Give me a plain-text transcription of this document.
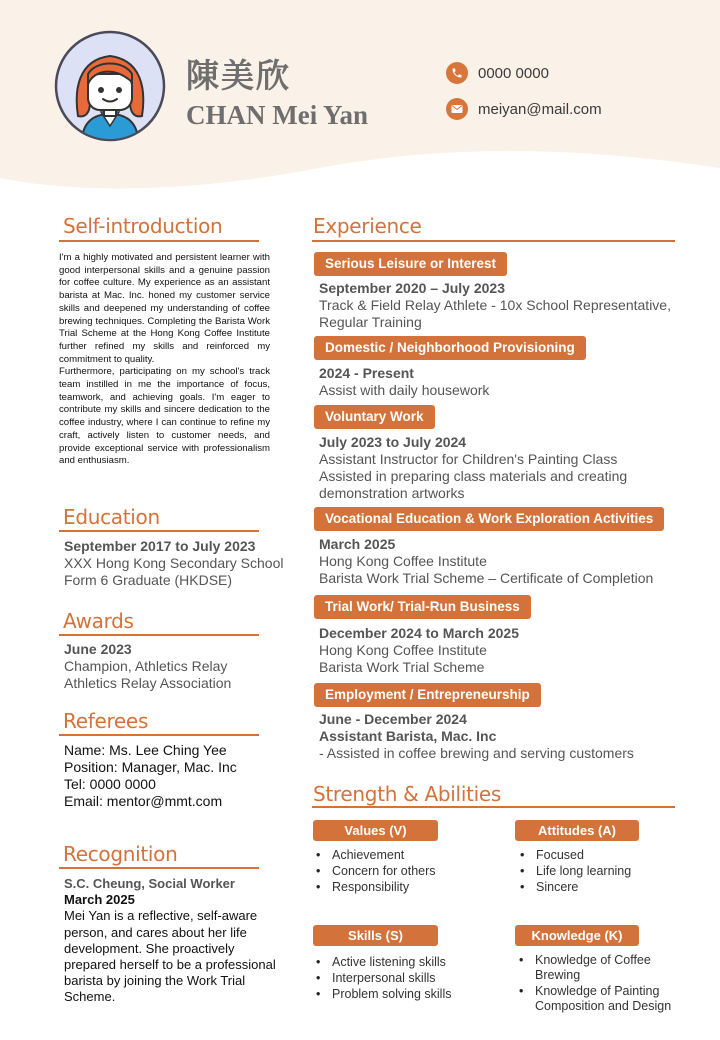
陳美欣
CHAN Mei Yan
0000 0000
meiyan@mail.com
Self-introduction

I'm a highly motivated and persistent learner with good interpersonal skills and a genuine passion for coffee culture. My experience as an assistant barista at Mac. Inc. honed my customer service skills and deepened my understanding of coffee brewing techniques. Completing the Barista Work Trial Scheme at the Hong Kong Coffee Institute further refined my skills and reinforced my commitment to quality.

Furthermore, participating on my school's track team instilled in me the importance of focus, teamwork, and achieving goals. I'm eager to contribute my skills and sincere dedication to the coffee industry, where I can continue to refine my craft, actively listen to customer needs, and provide exceptional service with professionalism and enthusiasm.

Education
September 2017 to July 2023
XXX Hong Kong Secondary School
Form 6 Graduate (HKDSE)
Awards
June 2023
Champion, Athletics Relay
Athletics Relay Association
Referees
Name: Ms. Lee Ching Yee
Position: Manager, Mac. Inc
Tel: 0000 0000
Email: mentor@mmt.com
Recognition
S.C. Cheung, Social Worker
March 2025
Mei Yan is a reflective, self-aware person, and cares about her life development. She proactively prepared herself to be a professional barista by joining the Work Trial Scheme.
Experience
Serious Leisure or Interest
September 2020 – July 2023
Track & Field Relay Athlete - 10x School Representative,
Regular Training
Domestic / Neighborhood Provisioning
2024 - Present
Assist with daily housework
Voluntary Work
July 2023 to July 2024
Assistant Instructor for Children's Painting Class
Assisted in preparing class materials and creating
demonstration artworks
Vocational Education & Work Exploration Activities
March 2025
Hong Kong Coffee Institute
Barista Work Trial Scheme – Certificate of Completion
Trial Work/ Trial-Run Business
December 2024 to March 2025
Hong Kong Coffee Institute
Barista Work Trial Scheme
Employment / Entrepreneurship
June - December 2024
Assistant Barista, Mac. Inc
- Assisted in coffee brewing and serving customers
Strength & Abilities
Values (V)
• Achievement
• Concern for others
• Responsibility
Attitudes (A)
• Focused
• Life long learning
• Sincere
Skills (S)
• Active listening skills
• Interpersonal skills
• Problem solving skills
Knowledge (K)
• Knowledge of Coffee Brewing
• Knowledge of Painting Composition and Design
